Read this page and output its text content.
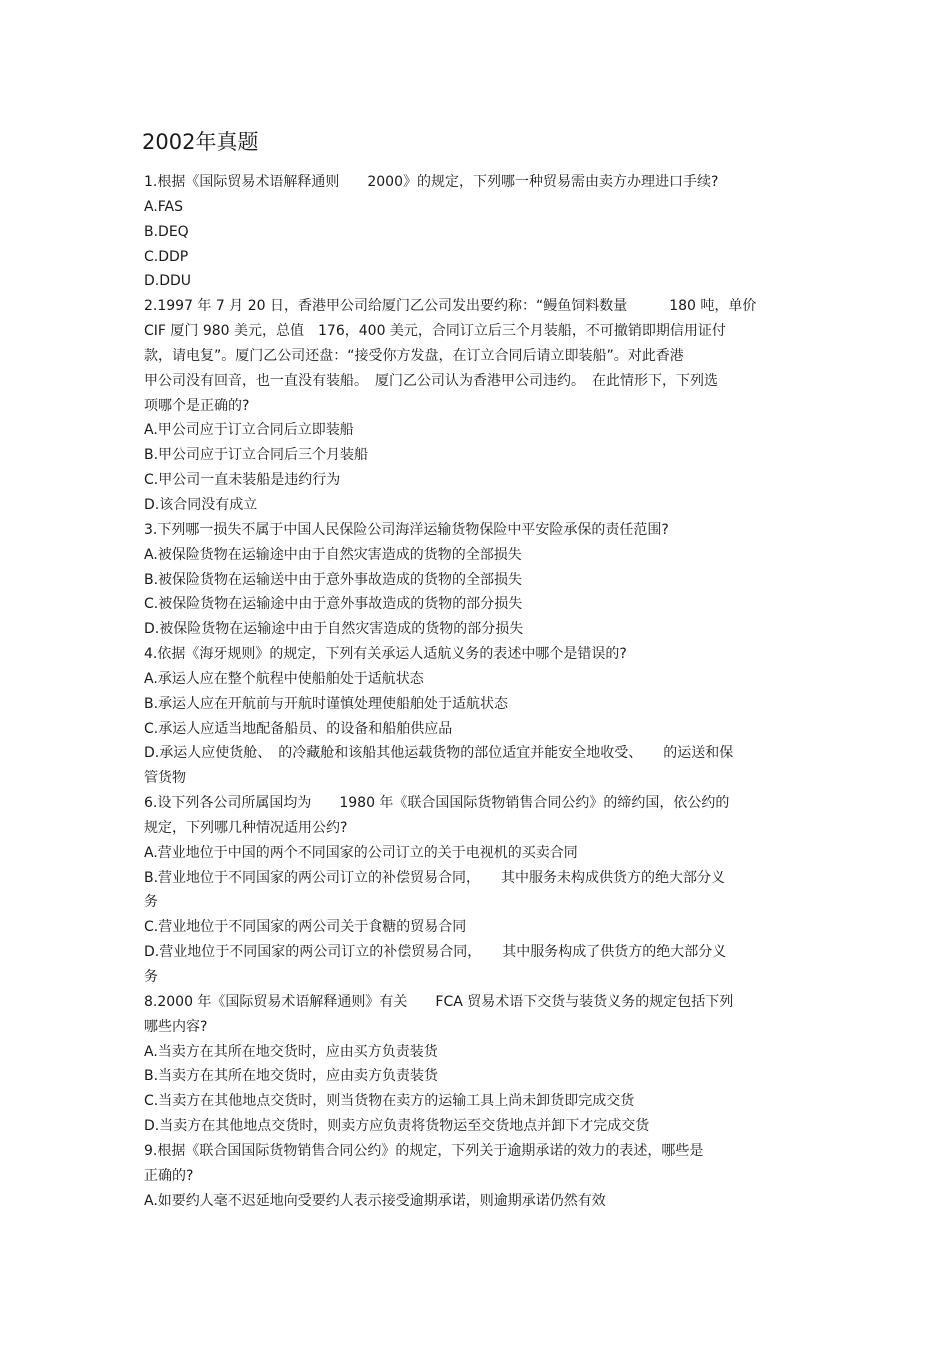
2002年真题
1.根据《国际贸易术语解释通则　　2000》的规定，下列哪一种贸易需由卖方办理进口手续?
A.FAS
B.DEQ
C.DDP
D.DDU
2.1997 年 7 月 20 日，香港甲公司给厦门乙公司发出要约称：“鳗鱼饲料数量　　　180 吨，单价
CIF 厦门 980 美元，总值　176，400 美元，合同订立后三个月装船，不可撤销即期信用证付
款，请电复”。厦门乙公司还盘：“接受你方发盘，在订立合同后请立即装船”。对此香港
甲公司没有回音，也一直没有装船。　厦门乙公司认为香港甲公司违约。　在此情形下，下列选
项哪个是正确的?
A.甲公司应于订立合同后立即装船
B.甲公司应于订立合同后三个月装船
C.甲公司一直未装船是违约行为
D.该合同没有成立
3.下列哪一损失不属于中国人民保险公司海洋运输货物保险中平安险承保的责任范围?
A.被保险货物在运输途中由于自然灾害造成的货物的全部损失
B.被保险货物在运输送中由于意外事故造成的货物的全部损失
C.被保险货物在运输途中由于意外事故造成的货物的部分损失
D.被保险货物在运输途中由于自然灾害造成的货物的部分损失
4.依据《海牙规则》的规定，下列有关承运人适航义务的表述中哪个是错误的?
A.承运人应在整个航程中使船舶处于适航状态
B.承运人应在开航前与开航时谨慎处理使船舶处于适航状态
C.承运人应适当地配备船员、的设备和船舶供应品
D.承运人应使货舱、　的冷藏舱和该船其他运载货物的部位适宜并能安全地收受、　　的运送和保
管货物
6.设下列各公司所属国均为　　1980 年《联合国国际货物销售合同公约》的缔约国，依公约的
规定，下列哪几种情况适用公约?
A.营业地位于中国的两个不同国家的公司订立的关于电视机的买卖合同
B.营业地位于不同国家的两公司订立的补偿贸易合同，　　其中服务未构成供货方的绝大部分义
务
C.营业地位于不同国家的两公司关于食糖的贸易合同
D.营业地位于不同国家的两公司订立的补偿贸易合同，　　其中服务构成了供货方的绝大部分义
务
8.2000 年《国际贸易术语解释通则》有关　　FCA 贸易术语下交货与装货义务的规定包括下列
哪些内容?
A.当卖方在其所在地交货时，应由买方负责装货
B.当卖方在其所在地交货时，应由卖方负责装货
C.当卖方在其他地点交货时，则当货物在卖方的运输工具上尚未卸货即完成交货
D.当卖方在其他地点交货时，则卖方应负责将货物运至交货地点并卸下才完成交货
9.根据《联合国国际货物销售合同公约》的规定，下列关于逾期承诺的效力的表述，哪些是
正确的?
A.如要约人毫不迟延地向受要约人表示接受逾期承诺，则逾期承诺仍然有效
